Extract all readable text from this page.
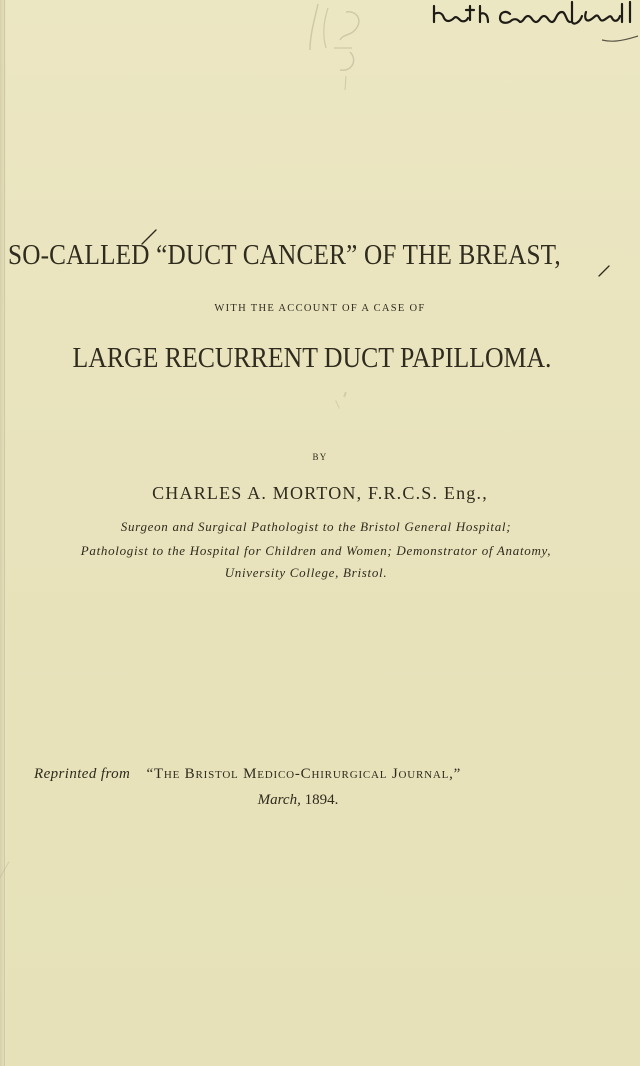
SO-CALLED “DUCT CANCER” OF THE BREAST,
WITH THE ACCOUNT OF A CASE OF
LARGE RECURRENT DUCT PAPILLOMA.
BY
CHARLES A. MORTON, F.R.C.S. Eng.,
Surgeon and Surgical Pathologist to the Bristol General Hospital;
Pathologist to the Hospital for Children and Women; Demonstrator of Anatomy,
University College, Bristol.
Reprinted from “The Bristol Medico-Chirurgical Journal,”
March, 1894.
